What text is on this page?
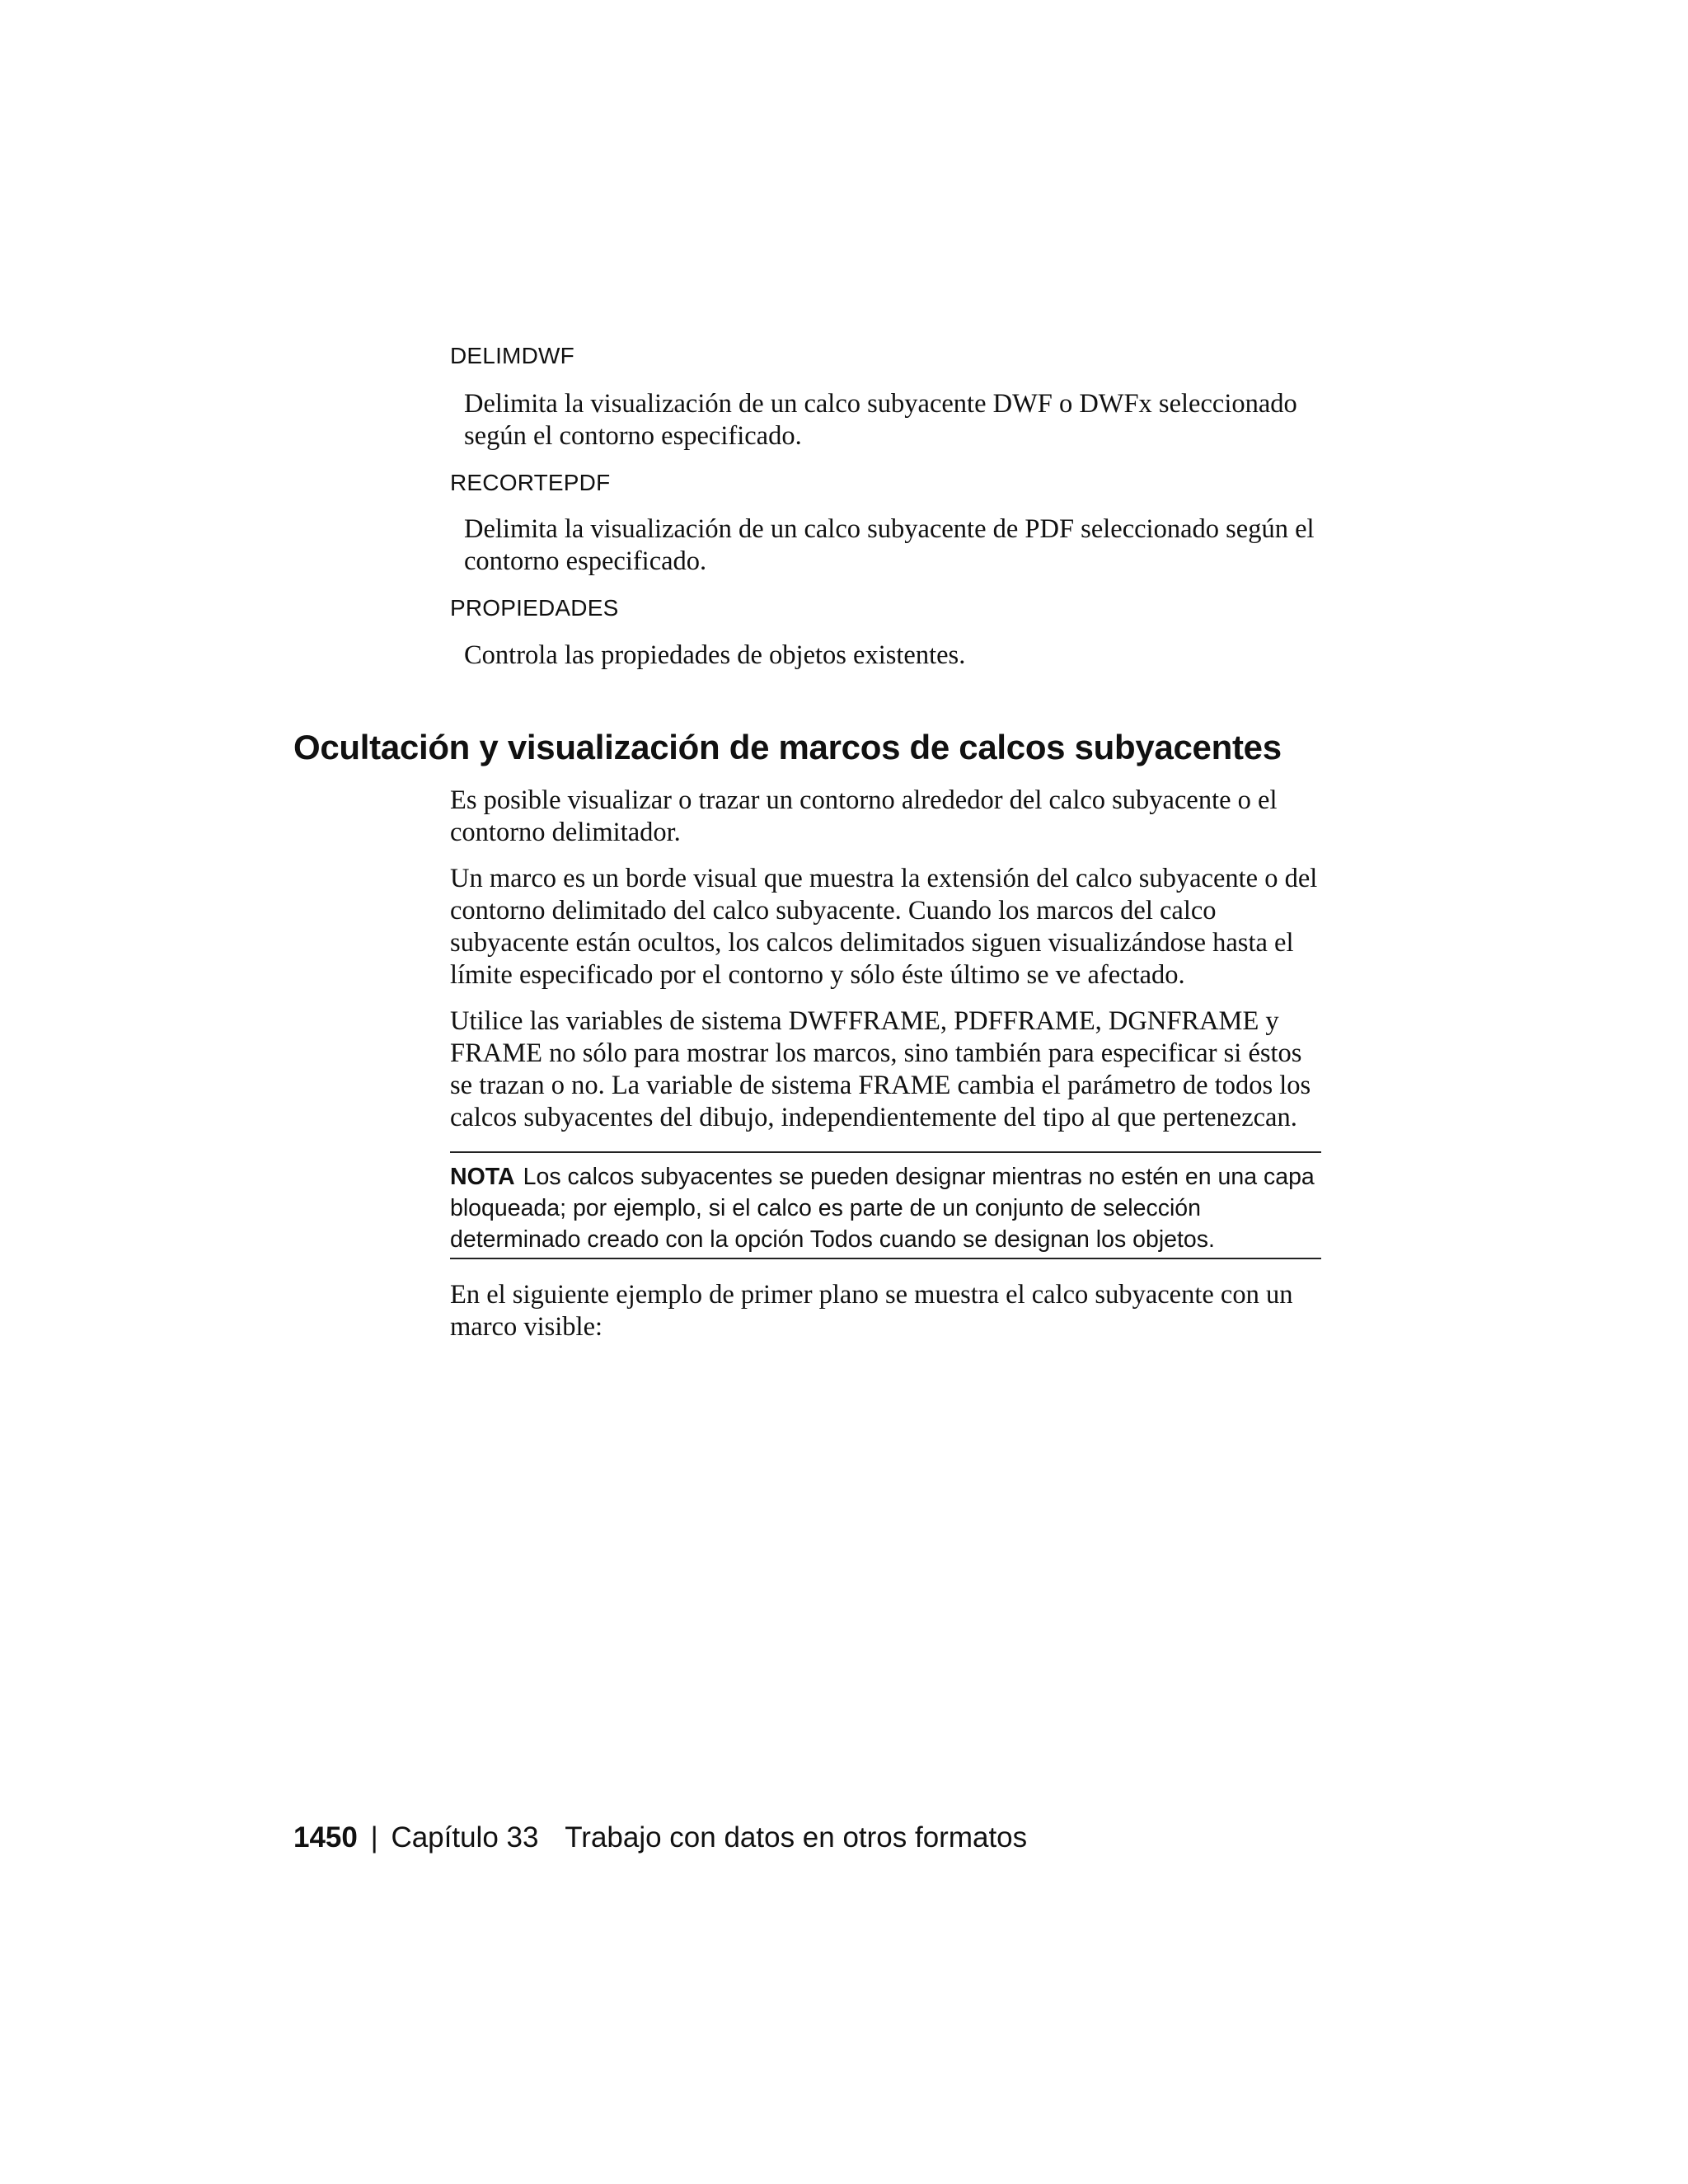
DELIMDWF

Delimita la visualización de un calco subyacente DWF o DWFx seleccionado según el contorno especificado.

RECORTEPDF

Delimita la visualización de un calco subyacente de PDF seleccionado según el contorno especificado.

PROPIEDADES

Controla las propiedades de objetos existentes.

Ocultación y visualización de marcos de calcos subyacentes

Es posible visualizar o trazar un contorno alrededor del calco subyacente o el contorno delimitador.

Un marco es un borde visual que muestra la extensión del calco subyacente o del contorno delimitado del calco subyacente. Cuando los marcos del calco subyacente están ocultos, los calcos delimitados siguen visualizándose hasta el límite especificado por el contorno y sólo éste último se ve afectado.

Utilice las variables de sistema DWFFRAME, PDFFRAME, DGNFRAME y FRAME no sólo para mostrar los marcos, sino también para especificar si éstos se trazan o no. La variable de sistema FRAME cambia el parámetro de todos los calcos subyacentes del dibujo, independientemente del tipo al que pertenezcan.

NOTA Los calcos subyacentes se pueden designar mientras no estén en una capa bloqueada; por ejemplo, si el calco es parte de un conjunto de selección determinado creado con la opción Todos cuando se designan los objetos.

En el siguiente ejemplo de primer plano se muestra el calco subyacente con un marco visible:

1450 | Capítulo 33 Trabajo con datos en otros formatos
